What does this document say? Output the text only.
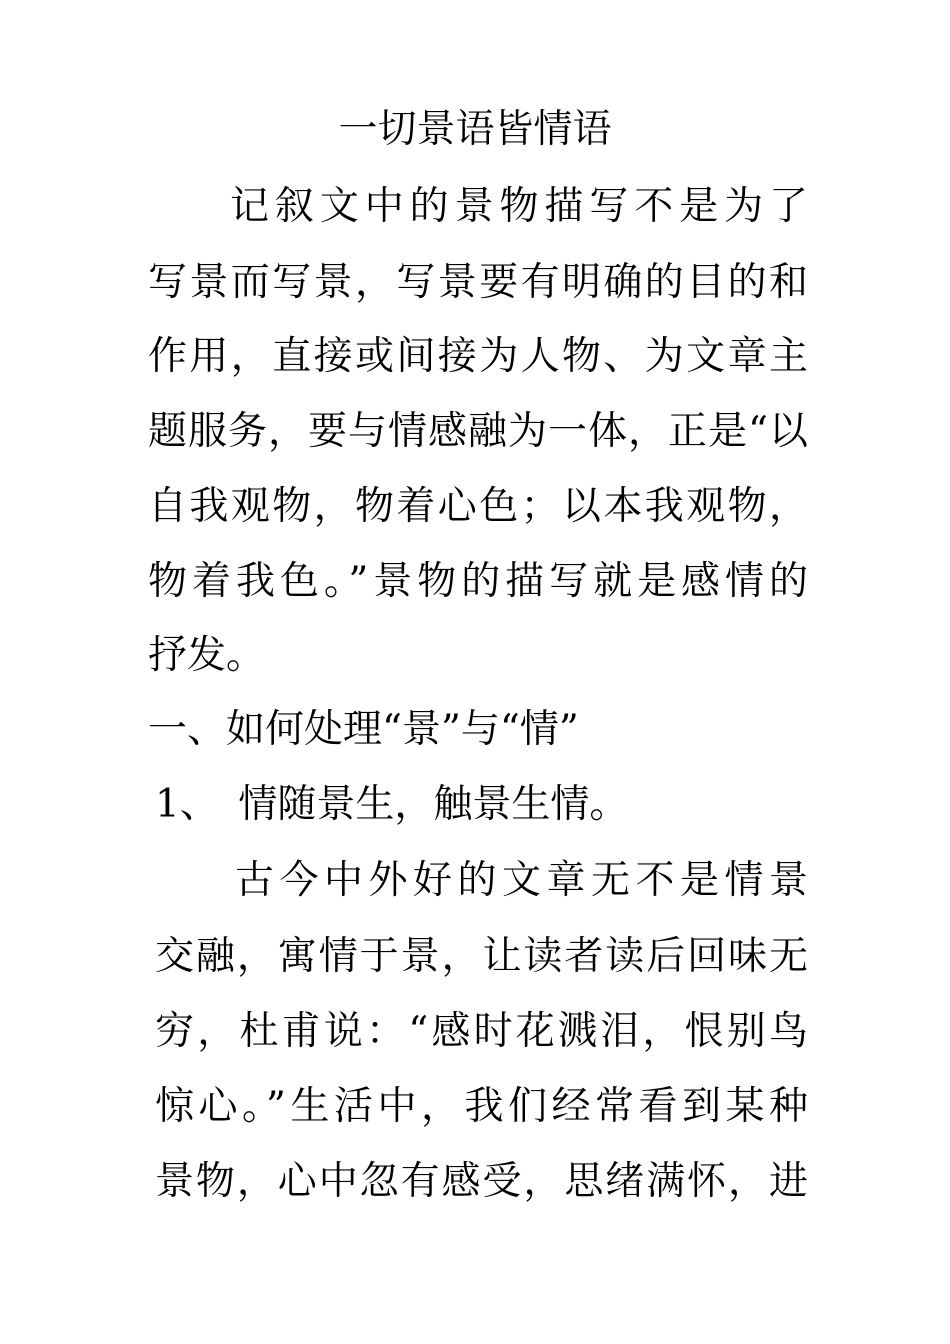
一切景语皆情语
记叙文中的景物描写不是为了
写景而写景，写景要有明确的目的和
作用，直接或间接为人物、为文章主
题服务，要与情感融为一体，正是“以
自我观物，物着心色；以本我观物，
物着我色。”景物的描写就是感情的
抒发。
一、如何处理“景”与“情”
1、　情随景生，触景生情。
古今中外好的文章无不是情景
交融，寓情于景，让读者读后回味无
穷，杜甫说：“感时花溅泪，恨别鸟
惊心。”生活中，我们经常看到某种
景物，心中忽有感受，思绪满怀，进
